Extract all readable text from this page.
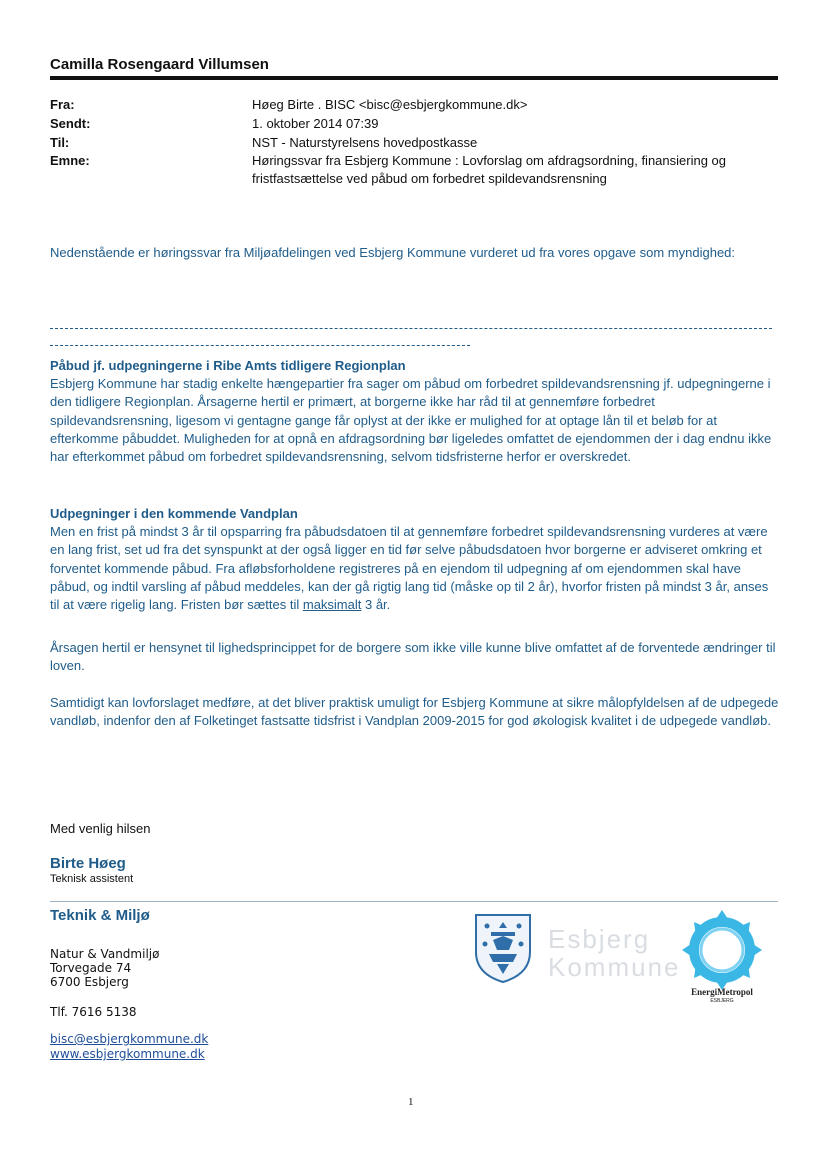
Camilla Rosengaard Villumsen
Fra:	Høeg Birte . BISC <bisc@esbjergkommune.dk>
Sendt:	1. oktober 2014 07:39
Til:	NST - Naturstyrelsens hovedpostkasse
Emne:	Høringssvar fra Esbjerg Kommune : Lovforslag om afdragsordning, finansiering og fristfastsættelse ved påbud om forbedret spildevandsrensning
Nedenstående er høringssvar fra Miljøafdelingen ved Esbjerg Kommune vurderet ud fra vores opgave som myndighed:
Påbud jf. udpegningerne i Ribe Amts tidligere Regionplan
Esbjerg Kommune har stadig enkelte hængepartier fra sager om påbud om forbedret spildevandsrensning jf. udpegningerne i den tidligere Regionplan. Årsagerne hertil er primært, at borgerne ikke har råd til at gennemføre forbedret spildevandsrensning, ligesom vi gentagne gange får oplyst at der ikke er mulighed for at optage lån til et beløb for at efterkomme påbuddet. Muligheden for at opnå en afdragsordning bør ligeledes omfattet de ejendommen der i dag endnu ikke har efterkommet påbud om forbedret spildevandsrensning, selvom tidsfristerne herfor er overskredet.
Udpegninger i den kommende Vandplan
Men en frist på mindst 3 år til opsparring fra påbudsdatoen til at gennemføre forbedret spildevandsrensning vurderes at være en lang frist, set ud fra det synspunkt at der også ligger en tid før selve påbudsdatoen hvor borgerne er adviseret omkring et forventet kommende påbud. Fra afløbsforholdene registreres på en ejendom til udpegning af om ejendommen skal have påbud, og indtil varsling af påbud meddeles, kan der gå rigtig lang tid (måske op til 2 år), hvorfor fristen på mindst 3 år, anses til at være rigelig lang. Fristen bør sættes til maksimalt 3 år.
Årsagen hertil er hensynet til lighedsprincippet for de borgere som ikke ville kunne blive omfattet af de forventede ændringer til loven.
Samtidigt kan lovforslaget medføre, at det bliver praktisk umuligt for Esbjerg Kommune at sikre målopfyldelsen af de udpegede vandløb, indenfor den af Folketinget fastsatte tidsfrist i Vandplan 2009-2015 for god økologisk kvalitet i de udpegede vandløb.
Med venlig hilsen
Birte Høeg
Teknisk assistent
Teknik & Miljø
Natur & Vandmiljø
Torvegade 74
6700 Esbjerg
Tlf. 7616 5138
bisc@esbjergkommune.dk
www.esbjergkommune.dk
Esbjerg
Kommune
EnergiMetropol
ESBJERG
1
